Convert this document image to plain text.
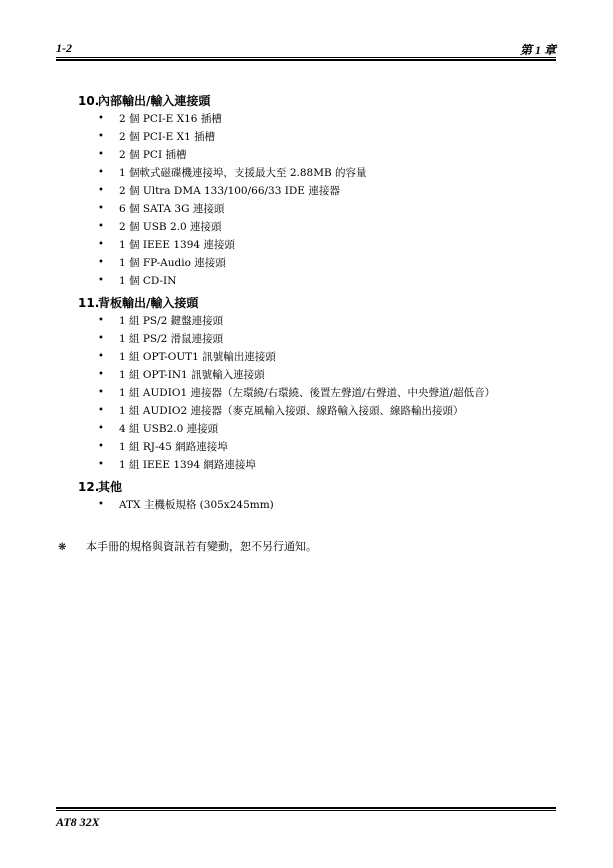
1-2	第 1 章
10.內部輸出/輸入連接頭
• 2 個 PCI-E X16 插槽
• 2 個 PCI-E X1 插槽
• 2 個 PCI 插槽
• 1 個軟式磁碟機連接埠，支援最大至 2.88MB 的容量
• 2 個 Ultra DMA 133/100/66/33 IDE 連接器
• 6 個 SATA 3G 連接頭
• 2 個 USB 2.0 連接頭
• 1 個 IEEE 1394 連接頭
• 1 個 FP-Audio 連接頭
• 1 個 CD-IN
11.背板輸出/輸入接頭
• 1 組 PS/2 鍵盤連接頭
• 1 組 PS/2 滑鼠連接頭
• 1 組 OPT-OUT1 訊號輸出連接頭
• 1 組 OPT-IN1 訊號輸入連接頭
• 1 組 AUDIO1 連接器（左環繞/右環繞、後置左聲道/右聲道、中央聲道/超低音）
• 1 組 AUDIO2 連接器（麥克風輸入接頭、線路輸入接頭、線路輸出接頭）
• 4 組 USB2.0 連接頭
• 1 組 RJ-45 網路連接埠
• 1 組 IEEE 1394 網路連接埠
12.其他
• ATX 主機板規格 (305x245mm)
❋ 本手冊的規格與資訊若有變動，恕不另行通知。
AT8 32X
